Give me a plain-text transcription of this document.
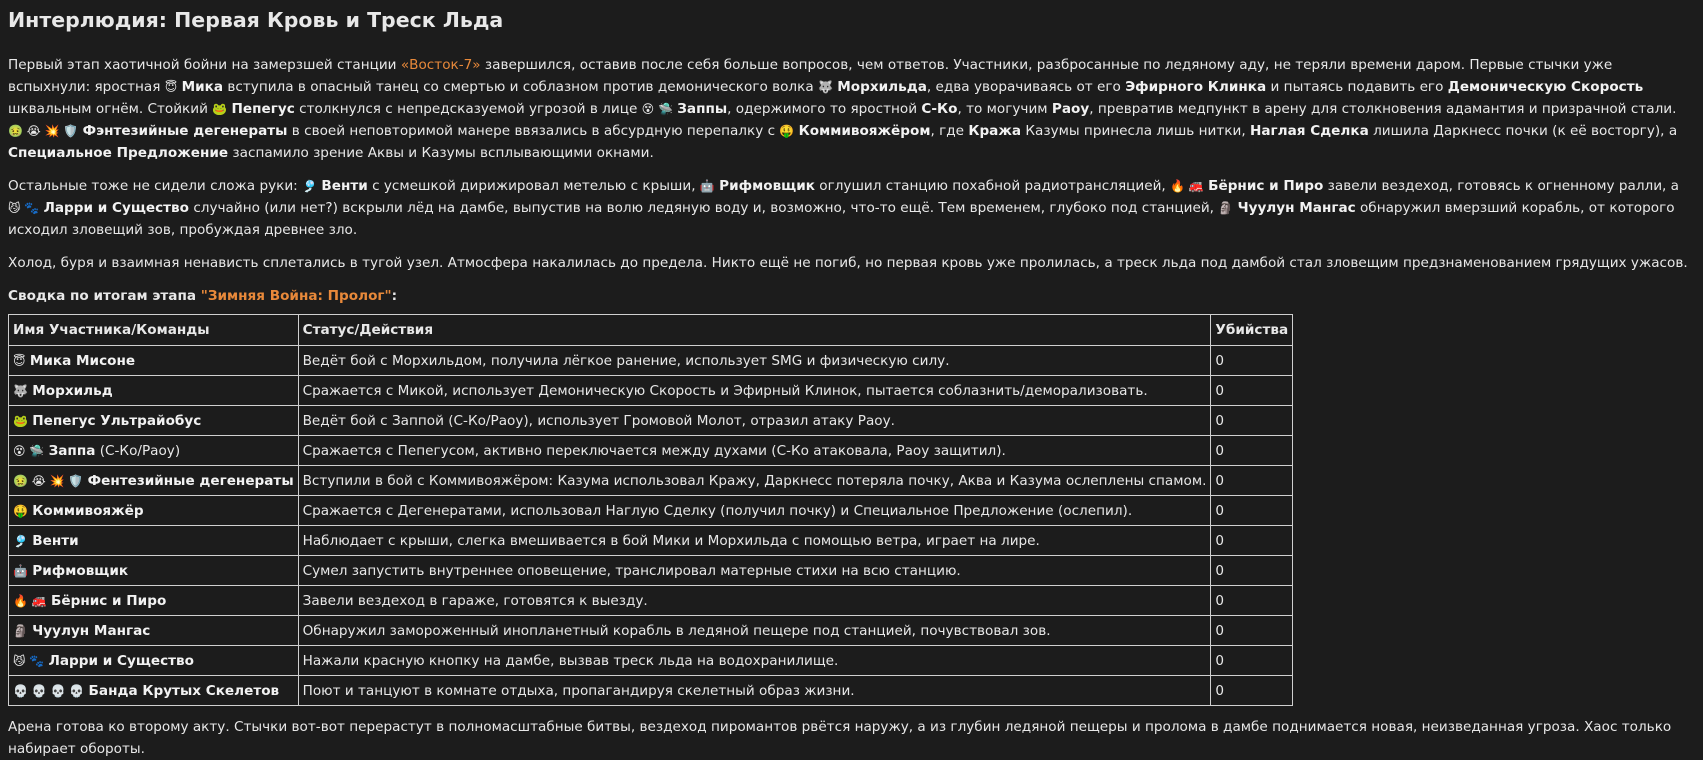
Интерлюдия: Первая Кровь и Треск Льда

Первый этап хаотичной бойни на замерзшей станции «Восток-7» завершился, оставив после себя больше вопросов, чем ответов. Участники, разбросанные по ледяному аду, не теряли времени даром. Первые стычки уже вспыхнули: яростная 😇 Мика вступила в опасный танец со смертью и соблазном против демонического волка 🐺 Морхильда, едва уворачиваясь от его Эфирного Клинка и пытаясь подавить его Демоническую Скорость шквальным огнём. Стойкий 🐸 Пепегус столкнулся с непредсказуемой угрозой в лице 😵 🛸 Заппы, одержимого то яростной С-Ко, то могучим Раоу, превратив медпункт в арену для столкновения адамантия и призрачной стали. 🤢 😭 💥 🛡️ Фэнтезийные дегенераты в своей неповторимой манере ввязались в абсурдную перепалку с 🤑 Коммивояжёром, где Кража Казумы принесла лишь нитки, Наглая Сделка лишила Даркнесс почки (к её восторгу), а Специальное Предложение заспамило зрение Аквы и Казумы всплывающими окнами.

Остальные тоже не сидели сложа руки: 🎐 Венти с усмешкой дирижировал метелью с крыши, 🤖 Рифмовщик оглушил станцию похабной радиотрансляцией, 🔥 🚒 Бёрнис и Пиро завели вездеход, готовясь к огненному ралли, а 😼 🐾 Ларри и Существо случайно (или нет?) вскрыли лёд на дамбе, выпустив на волю ледяную воду и, возможно, что-то ещё. Тем временем, глубоко под станцией, 🗿 Чуулун Мангас обнаружил вмерзший корабль, от которого исходил зловещий зов, пробуждая древнее зло.

Холод, буря и взаимная ненависть сплетались в тугой узел. Атмосфера накалилась до предела. Никто ещё не погиб, но первая кровь уже пролилась, а треск льда под дамбой стал зловещим предзнаменованием грядущих ужасов.

Сводка по итогам этапа "Зимняя Война: Пролог":

Имя Участника/Команды	Статус/Действия	Убийства
😇 Мика Мисоне	Ведёт бой с Морхильдом, получила лёгкое ранение, использует SMG и физическую силу.	0
🐺 Морхильд	Сражается с Микой, использует Демоническую Скорость и Эфирный Клинок, пытается соблазнить/деморализовать.	0
🐸 Пепегус Ультрайобус	Ведёт бой с Заппой (С-Ко/Раоу), использует Громовой Молот, отразил атаку Раоу.	0
😵 🛸 Заппа (С-Ко/Раоу)	Сражается с Пепегусом, активно переключается между духами (С-Ко атаковала, Раоу защитил).	0
🤢 😭 💥 🛡️ Фентезийные дегенераты	Вступили в бой с Коммивояжёром: Казума использовал Кражу, Даркнесс потеряла почку, Аква и Казума ослеплены спамом.	0
🤑 Коммивояжёр	Сражается с Дегенератами, использовал Наглую Сделку (получил почку) и Специальное Предложение (ослепил).	0
🎐 Венти	Наблюдает с крыши, слегка вмешивается в бой Мики и Морхильда с помощью ветра, играет на лире.	0
🤖 Рифмовщик	Сумел запустить внутреннее оповещение, транслировал матерные стихи на всю станцию.	0
🔥 🚒 Бёрнис и Пиро	Завели вездеход в гараже, готовятся к выезду.	0
🗿 Чуулун Мангас	Обнаружил замороженный инопланетный корабль в ледяной пещере под станцией, почувствовал зов.	0
😼 🐾 Ларри и Существо	Нажали красную кнопку на дамбе, вызвав треск льда на водохранилище.	0
💀 💀 💀 💀 Банда Крутых Скелетов	Поют и танцуют в комнате отдыха, пропагандируя скелетный образ жизни.	0

Арена готова ко второму акту. Стычки вот-вот перерастут в полномасштабные битвы, вездеход пиромантов рвётся наружу, а из глубин ледяной пещеры и пролома в дамбе поднимается новая, неизведанная угроза. Хаос только набирает обороты.
